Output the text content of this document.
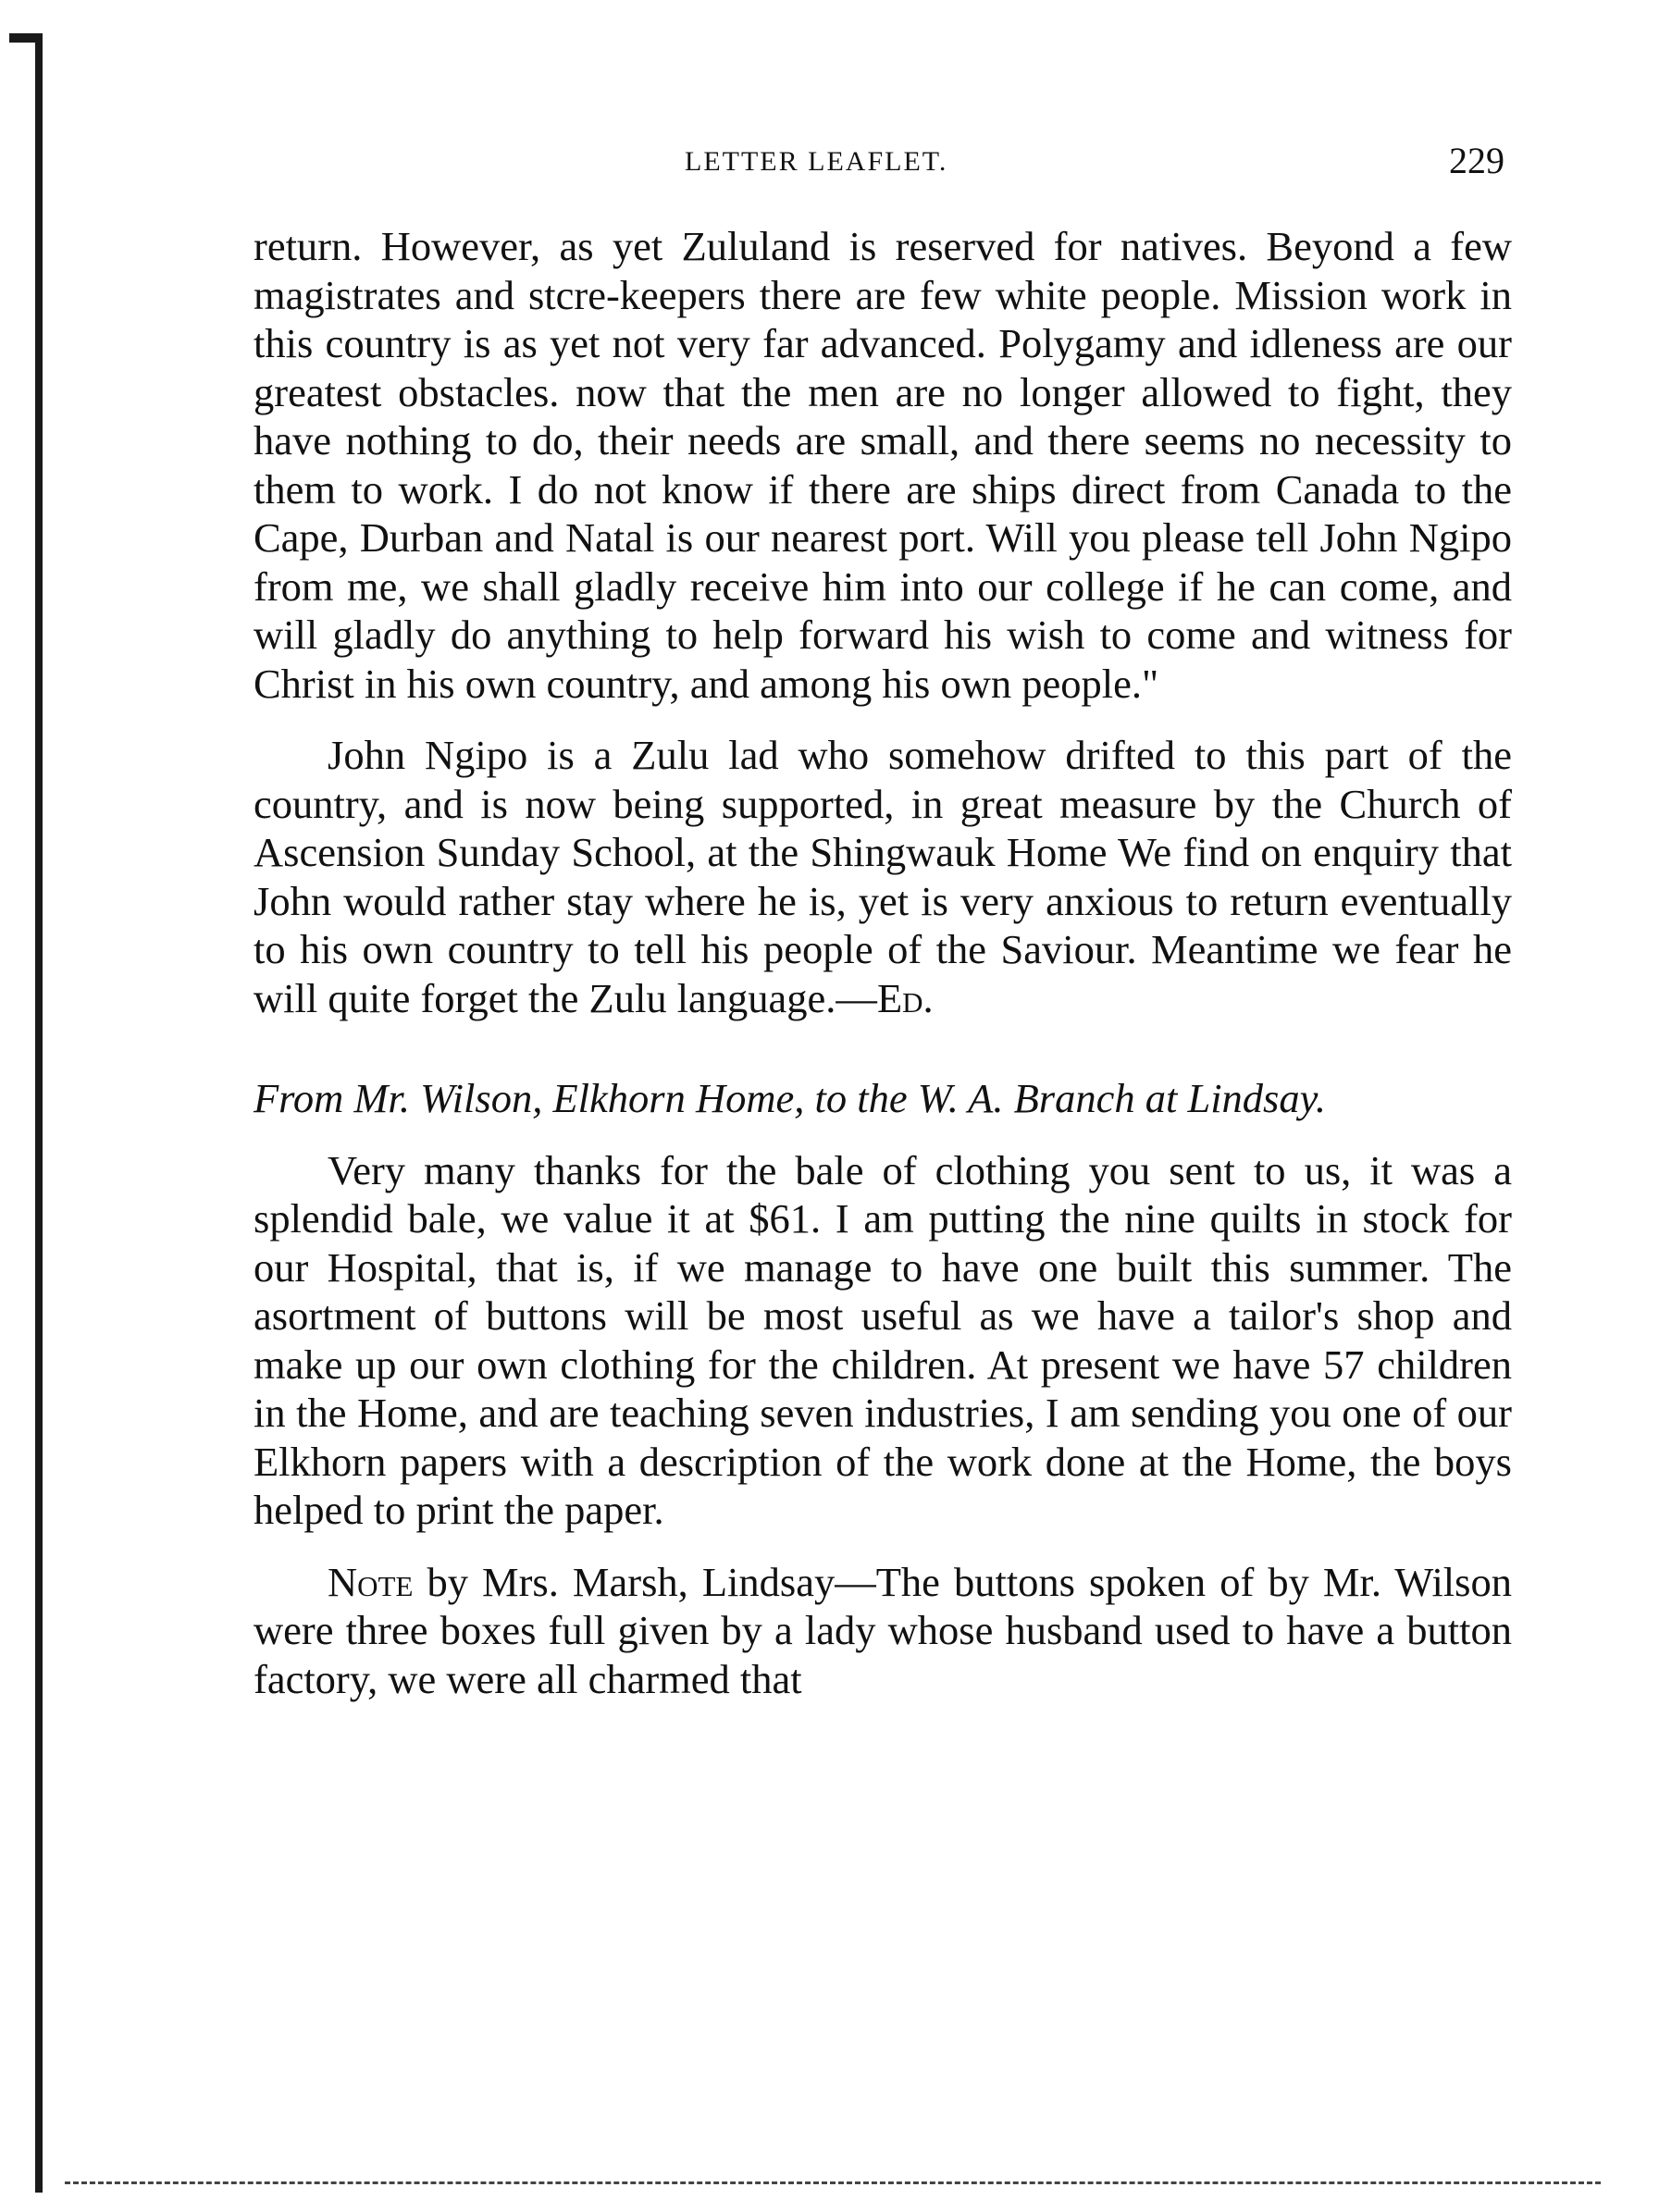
LETTER LEAFLET.	229

return. However, as yet Zululand is reserved for natives. Beyond a few magistrates and stcre-keepers there are few white people. Mission work in this country is as yet not very far advanced. Polygamy and idleness are our greatest obstacles. now that the men are no longer allowed to fight, they have nothing to do, their needs are small, and there seems no necessity to them to work. I do not know if there are ships direct from Canada to the Cape, Durban and Natal is our nearest port. Will you please tell John Ngipo from me, we shall gladly receive him into our college if he can come, and will gladly do anything to help forward his wish to come and witness for Christ in his own country, and among his own people."

John Ngipo is a Zulu lad who somehow drifted to this part of the country, and is now being supported, in great measure by the Church of Ascension Sunday School, at the Shingwauk Home We find on enquiry that John would rather stay where he is, yet is very anxious to return eventually to his own country to tell his people of the Saviour. Meantime we fear he will quite forget the Zulu language.—Ed.

From Mr. Wilson, Elkhorn Home, to the W. A. Branch at Lindsay.

Very many thanks for the bale of clothing you sent to us, it was a splendid bale, we value it at $61. I am putting the nine quilts in stock for our Hospital, that is, if we manage to have one built this summer. The asortment of buttons will be most useful as we have a tailor's shop and make up our own clothing for the children. At present we have 57 children in the Home, and are teaching seven industries, I am sending you one of our Elkhorn papers with a description of the work done at the Home, the boys helped to print the paper.

Note by Mrs. Marsh, Lindsay—The buttons spoken of by Mr. Wilson were three boxes full given by a lady whose husband used to have a button factory, we were all charmed that
